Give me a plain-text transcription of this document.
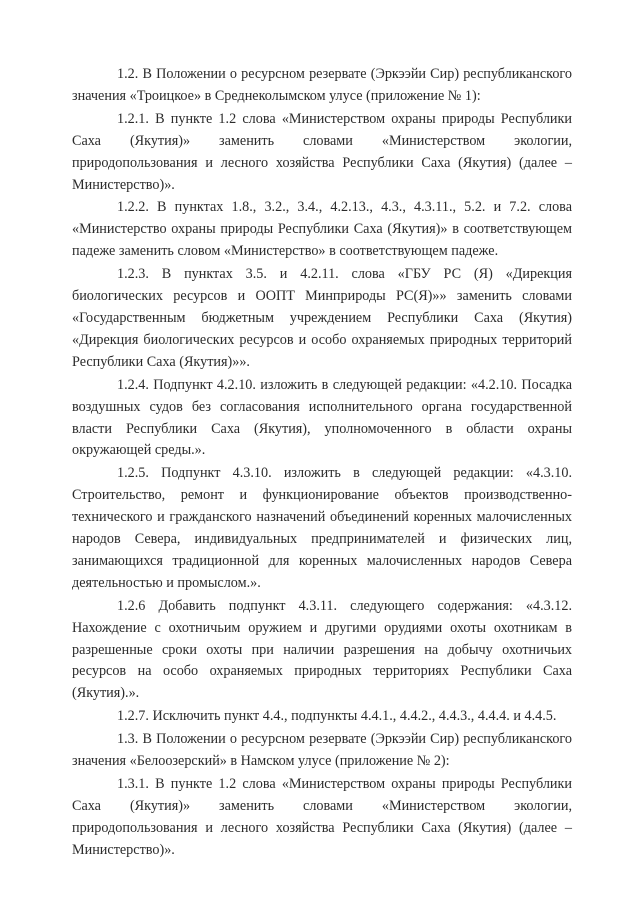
1.2. В Положении о ресурсном резервате (Эркээйи Сир) республиканского значения «Троицкое» в Среднеколымском улусе (приложение № 1):

1.2.1. В пункте 1.2 слова «Министерством охраны природы Республики Саха (Якутия)» заменить словами «Министерством экологии, природопользования и лесного хозяйства Республики Саха (Якутия) (далее – Министерство)».

1.2.2. В пунктах 1.8., 3.2., 3.4., 4.2.13., 4.3., 4.3.11., 5.2. и 7.2. слова «Министерство охраны природы Республики Саха (Якутия)» в соответствующем падеже заменить словом «Министерство» в соответствующем падеже.

1.2.3. В пунктах 3.5. и 4.2.11. слова «ГБУ РС (Я) «Дирекция биологических ресурсов и ООПТ Минприроды РС(Я)»» заменить словами «Государственным бюджетным учреждением Республики Саха (Якутия) «Дирекция биологических ресурсов и особо охраняемых природных территорий Республики Саха (Якутия)»».

1.2.4. Подпункт 4.2.10. изложить в следующей редакции: «4.2.10. Посадка воздушных судов без согласования исполнительного органа государственной власти Республики Саха (Якутия), уполномоченного в области охраны окружающей среды.».

1.2.5. Подпункт 4.3.10. изложить в следующей редакции: «4.3.10. Строительство, ремонт и функционирование объектов производственно-технического и гражданского назначений объединений коренных малочисленных народов Севера, индивидуальных предпринимателей и физических лиц, занимающихся традиционной для коренных малочисленных народов Севера деятельностью и промыслом.».

1.2.6 Добавить подпункт 4.3.11. следующего содержания: «4.3.12. Нахождение с охотничьим оружием и другими орудиями охоты охотникам в разрешенные сроки охоты при наличии разрешения на добычу охотничьих ресурсов на особо охраняемых природных территориях Республики Саха (Якутия).».

1.2.7. Исключить пункт 4.4., подпункты 4.4.1., 4.4.2., 4.4.3., 4.4.4. и 4.4.5.

1.3. В Положении о ресурсном резервате (Эркээйи Сир) республиканского значения «Белоозерский» в Намском улусе (приложение № 2):

1.3.1. В пункте 1.2 слова «Министерством охраны природы Республики Саха (Якутия)» заменить словами «Министерством экологии, природопользования и лесного хозяйства Республики Саха (Якутия) (далее – Министерство)».
